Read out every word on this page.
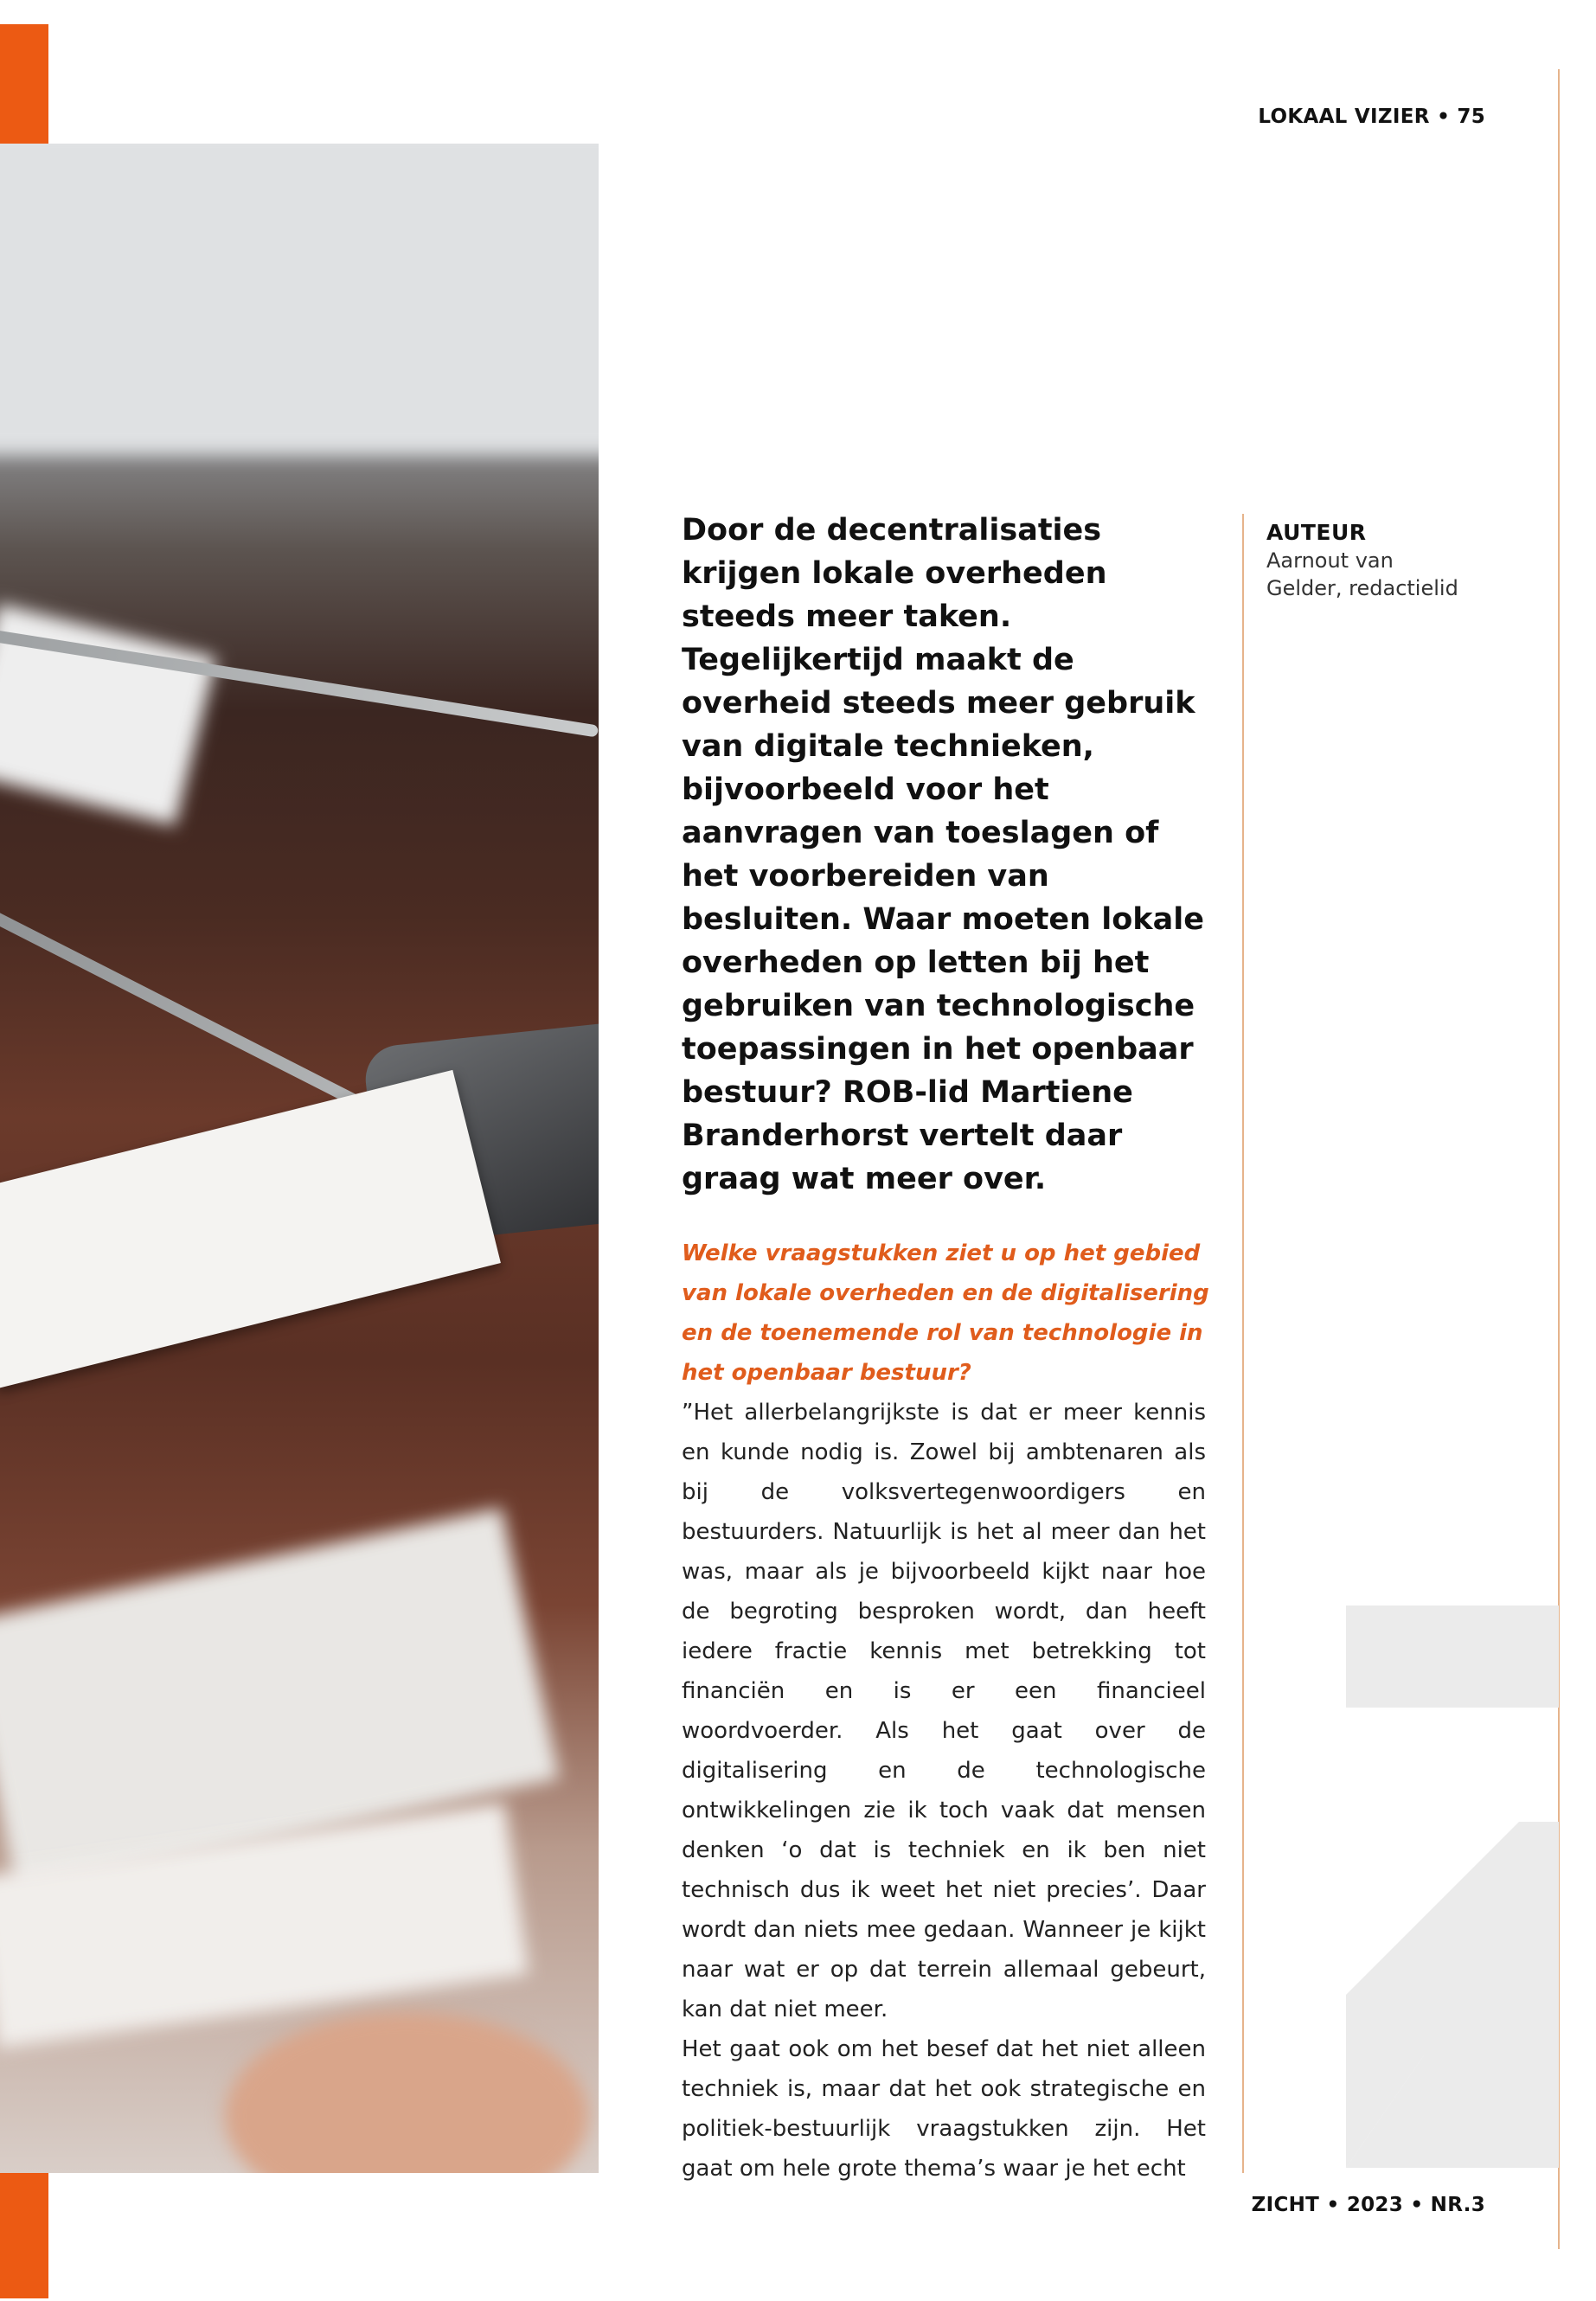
LOKAAL VIZIER • 75

Door de decentralisaties krijgen lokale overheden steeds meer taken. Tegelijkertijd maakt de overheid steeds meer gebruik van digitale technieken, bijvoorbeeld voor het aanvragen van toeslagen of het voorbereiden van besluiten. Waar moeten lokale overheden op letten bij het gebruiken van technologische toepassingen in het openbaar bestuur? ROB-lid Martiene Branderhorst vertelt daar graag wat meer over.

AUTEUR
Aarnout van Gelder, redactielid

Welke vraagstukken ziet u op het gebied van lokale overheden en de digitalisering en de toenemende rol van technologie in het openbaar bestuur?

”Het allerbelangrijkste is dat er meer kennis en kunde nodig is. Zowel bij ambtenaren als bij de volksvertegenwoordigers en bestuurders. Natuurlijk is het al meer dan het was, maar als je bijvoorbeeld kijkt naar hoe de begroting besproken wordt, dan heeft iedere fractie kennis met betrekking tot financiën en is er een financieel woordvoerder. Als het gaat over de digitalisering en de technologische ontwikkelingen zie ik toch vaak dat mensen denken ‘o dat is techniek en ik ben niet technisch dus ik weet het niet precies’. Daar wordt dan niets mee gedaan. Wanneer je kijkt naar wat er op dat terrein allemaal gebeurt, kan dat niet meer.

Het gaat ook om het besef dat het niet alleen techniek is, maar dat het ook strategische en politiek-bestuurlijk vraagstukken zijn. Het gaat om hele grote thema’s waar je het echt

ZICHT • 2023 • NR.3
